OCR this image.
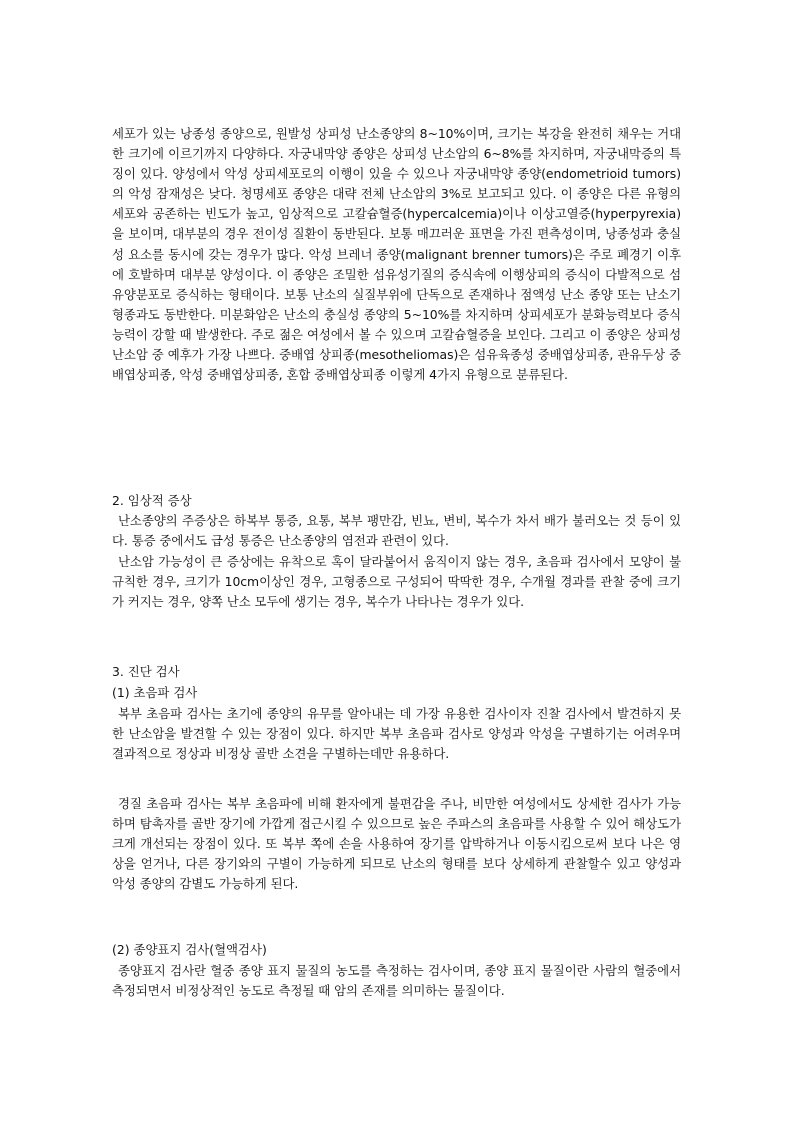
세포가 있는 낭종성 종양으로, 원발성 상피성 난소종양의 8~10%이며, 크기는 복강을 완전히 채우는 거대한 크기에 이르기까지 다양하다. 자궁내막양 종양은 상피성 난소암의 6~8%를 차지하며, 자궁내막증의 특징이 있다. 양성에서 악성 상피세포로의 이행이 있을 수 있으나 자궁내막양 종양(endometrioid tumors)의 악성 잠재성은 낮다. 청명세포 종양은 대략 전체 난소암의 3%로 보고되고 있다. 이 종양은 다른 유형의 세포와 공존하는 빈도가 높고, 임상적으로 고칼슘혈증(hypercalcemia)이나 이상고열증(hyperpyrexia)을 보이며, 대부분의 경우 전이성 질환이 동반된다. 보통 매끄러운 표면을 가진 편측성이며, 낭종성과 충실성 요소를 동시에 갖는 경우가 많다. 악성 브레너 종양(malignant brenner tumors)은 주로 폐경기 이후에 호발하며 대부분 양성이다. 이 종양은 조밀한 섬유성기질의 증식속에 이행상피의 증식이 다발적으로 섬유양분포로 증식하는 형태이다. 보통 난소의 실질부위에 단독으로 존재하나 점액성 난소 종양 또는 난소기형종과도 동반한다. 미분화암은 난소의 충실성 종양의 5~10%를 차지하며 상피세포가 분화능력보다 증식능력이 강할 때 발생한다. 주로 젊은 여성에서 볼 수 있으며 고칼슘혈증을 보인다. 그리고 이 종양은 상피성 난소암 중 예후가 가장 나쁘다. 중배엽 상피종(mesotheliomas)은 섬유육종성 중배엽상피종, 관유두상 중배엽상피종, 악성 중배엽상피종, 혼합 중배엽상피종 이렇게 4가지 유형으로 분류된다.

2. 임상적 증상

난소종양의 주증상은 하복부 통증, 요통, 복부 팽만감, 빈뇨, 변비, 복수가 차서 배가 불러오는 것 등이 있다. 통증 중에서도 급성 통증은 난소종양의 염전과 관련이 있다.

난소암 가능성이 큰 증상에는 유착으로 혹이 달라붙어서 움직이지 않는 경우, 초음파 검사에서 모양이 불규칙한 경우, 크기가 10cm이상인 경우, 고형종으로 구성되어 딱딱한 경우, 수개월 경과를 관찰 중에 크기가 커지는 경우, 양쪽 난소 모두에 생기는 경우, 복수가 나타나는 경우가 있다.

3. 진단 검사

(1) 초음파 검사

복부 초음파 검사는 초기에 종양의 유무를 알아내는 데 가장 유용한 검사이자 진찰 검사에서 발견하지 못한 난소암을 발견할 수 있는 장점이 있다. 하지만 복부 초음파 검사로 양성과 악성을 구별하기는 어려우며 결과적으로 정상과 비정상 골반 소견을 구별하는데만 유용하다.

경질 초음파 검사는 복부 초음파에 비해 환자에게 불편감을 주나, 비만한 여성에서도 상세한 검사가 가능하며 탐촉자를 골반 장기에 가깝게 접근시킬 수 있으므로 높은 주파스의 초음파를 사용할 수 있어 해상도가 크게 개선되는 장점이 있다. 또 복부 쪽에 손을 사용하여 장기를 압박하거나 이동시킴으로써 보다 나은 영상을 얻거나, 다른 장기와의 구별이 가능하게 되므로 난소의 형태를 보다 상세하게 관찰할수 있고 양성과 악성 종양의 감별도 가능하게 된다.

(2) 종양표지 검사(혈액검사)

종양표지 검사란 혈중 종양 표지 물질의 농도를 측정하는 검사이며, 종양 표지 물질이란 사람의 혈중에서 측정되면서 비정상적인 농도로 측정될 때 암의 존재를 의미하는 물질이다.
